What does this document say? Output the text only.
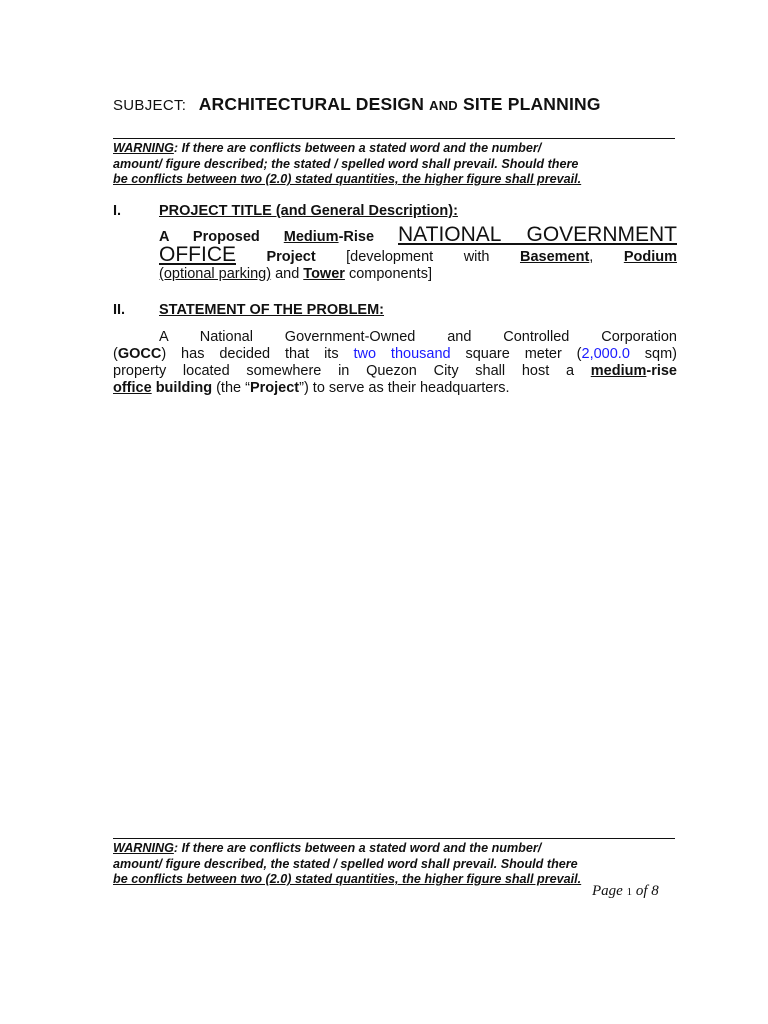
SUBJECT: ARCHITECTURAL DESIGN AND SITE PLANNING
WARNING: If there are conflicts between a stated word and the number/
amount/ figure described; the stated / spelled word shall prevail. Should there
be conflicts between two (2.0) stated quantities, the higher figure shall prevail.
I.	PROJECT TITLE (and General Description):

A Proposed Medium-Rise NATIONAL GOVERNMENT

OFFICE Project [development with Basement, Podium

(optional parking) and Tower components]

II. STATEMENT OF THE PROBLEM:

A National Government-Owned and Controlled Corporation

(GOCC) has decided that its two thousand square meter (2,000.0 sqm)

property located somewhere in Quezon City shall host a medium-rise

office building (the “Project”) to serve as their headquarters.

WARNING: If there are conflicts between a stated word and the number/
amount/ figure described, the stated / spelled word shall prevail. Should there
be conflicts between two (2.0) stated quantities, the higher figure shall prevail.
Page 1 of 8
